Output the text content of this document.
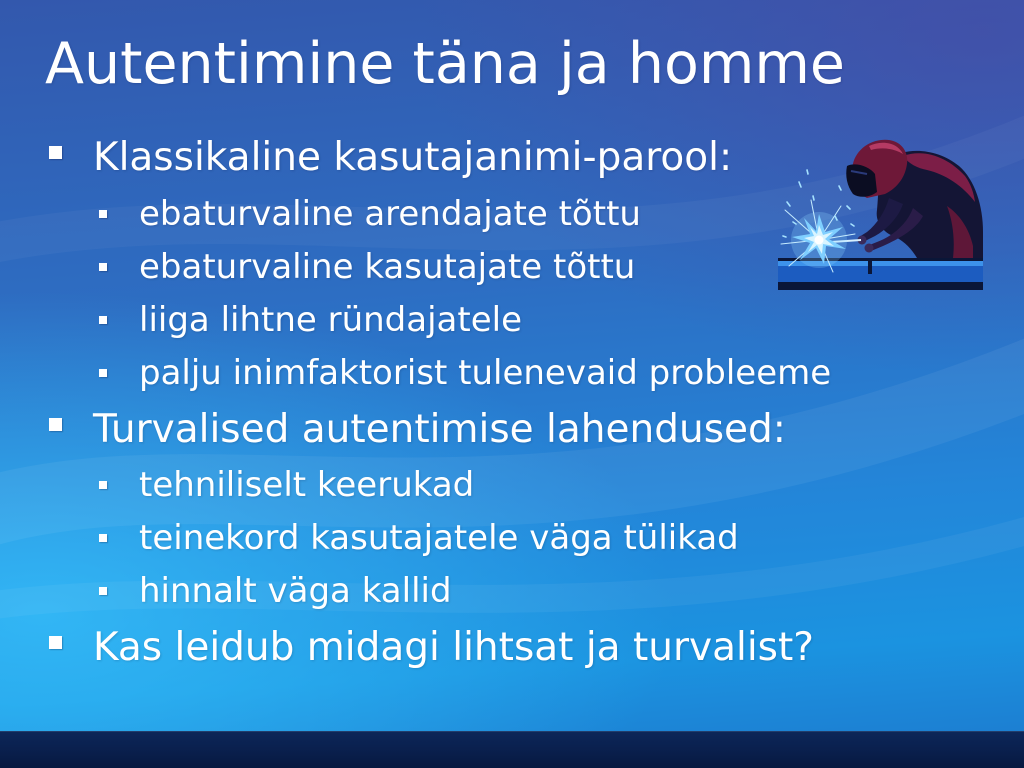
Autentimine täna ja homme
Klassikaline kasutajanimi-parool:
ebaturvaline arendajate tõttu
ebaturvaline kasutajate tõttu
liiga lihtne ründajatele
palju inimfaktorist tulenevaid probleeme
Turvalised autentimise lahendused:
tehniliselt keerukad
teinekord kasutajatele väga tülikad
hinnalt väga kallid
Kas leidub midagi lihtsat ja turvalist?
